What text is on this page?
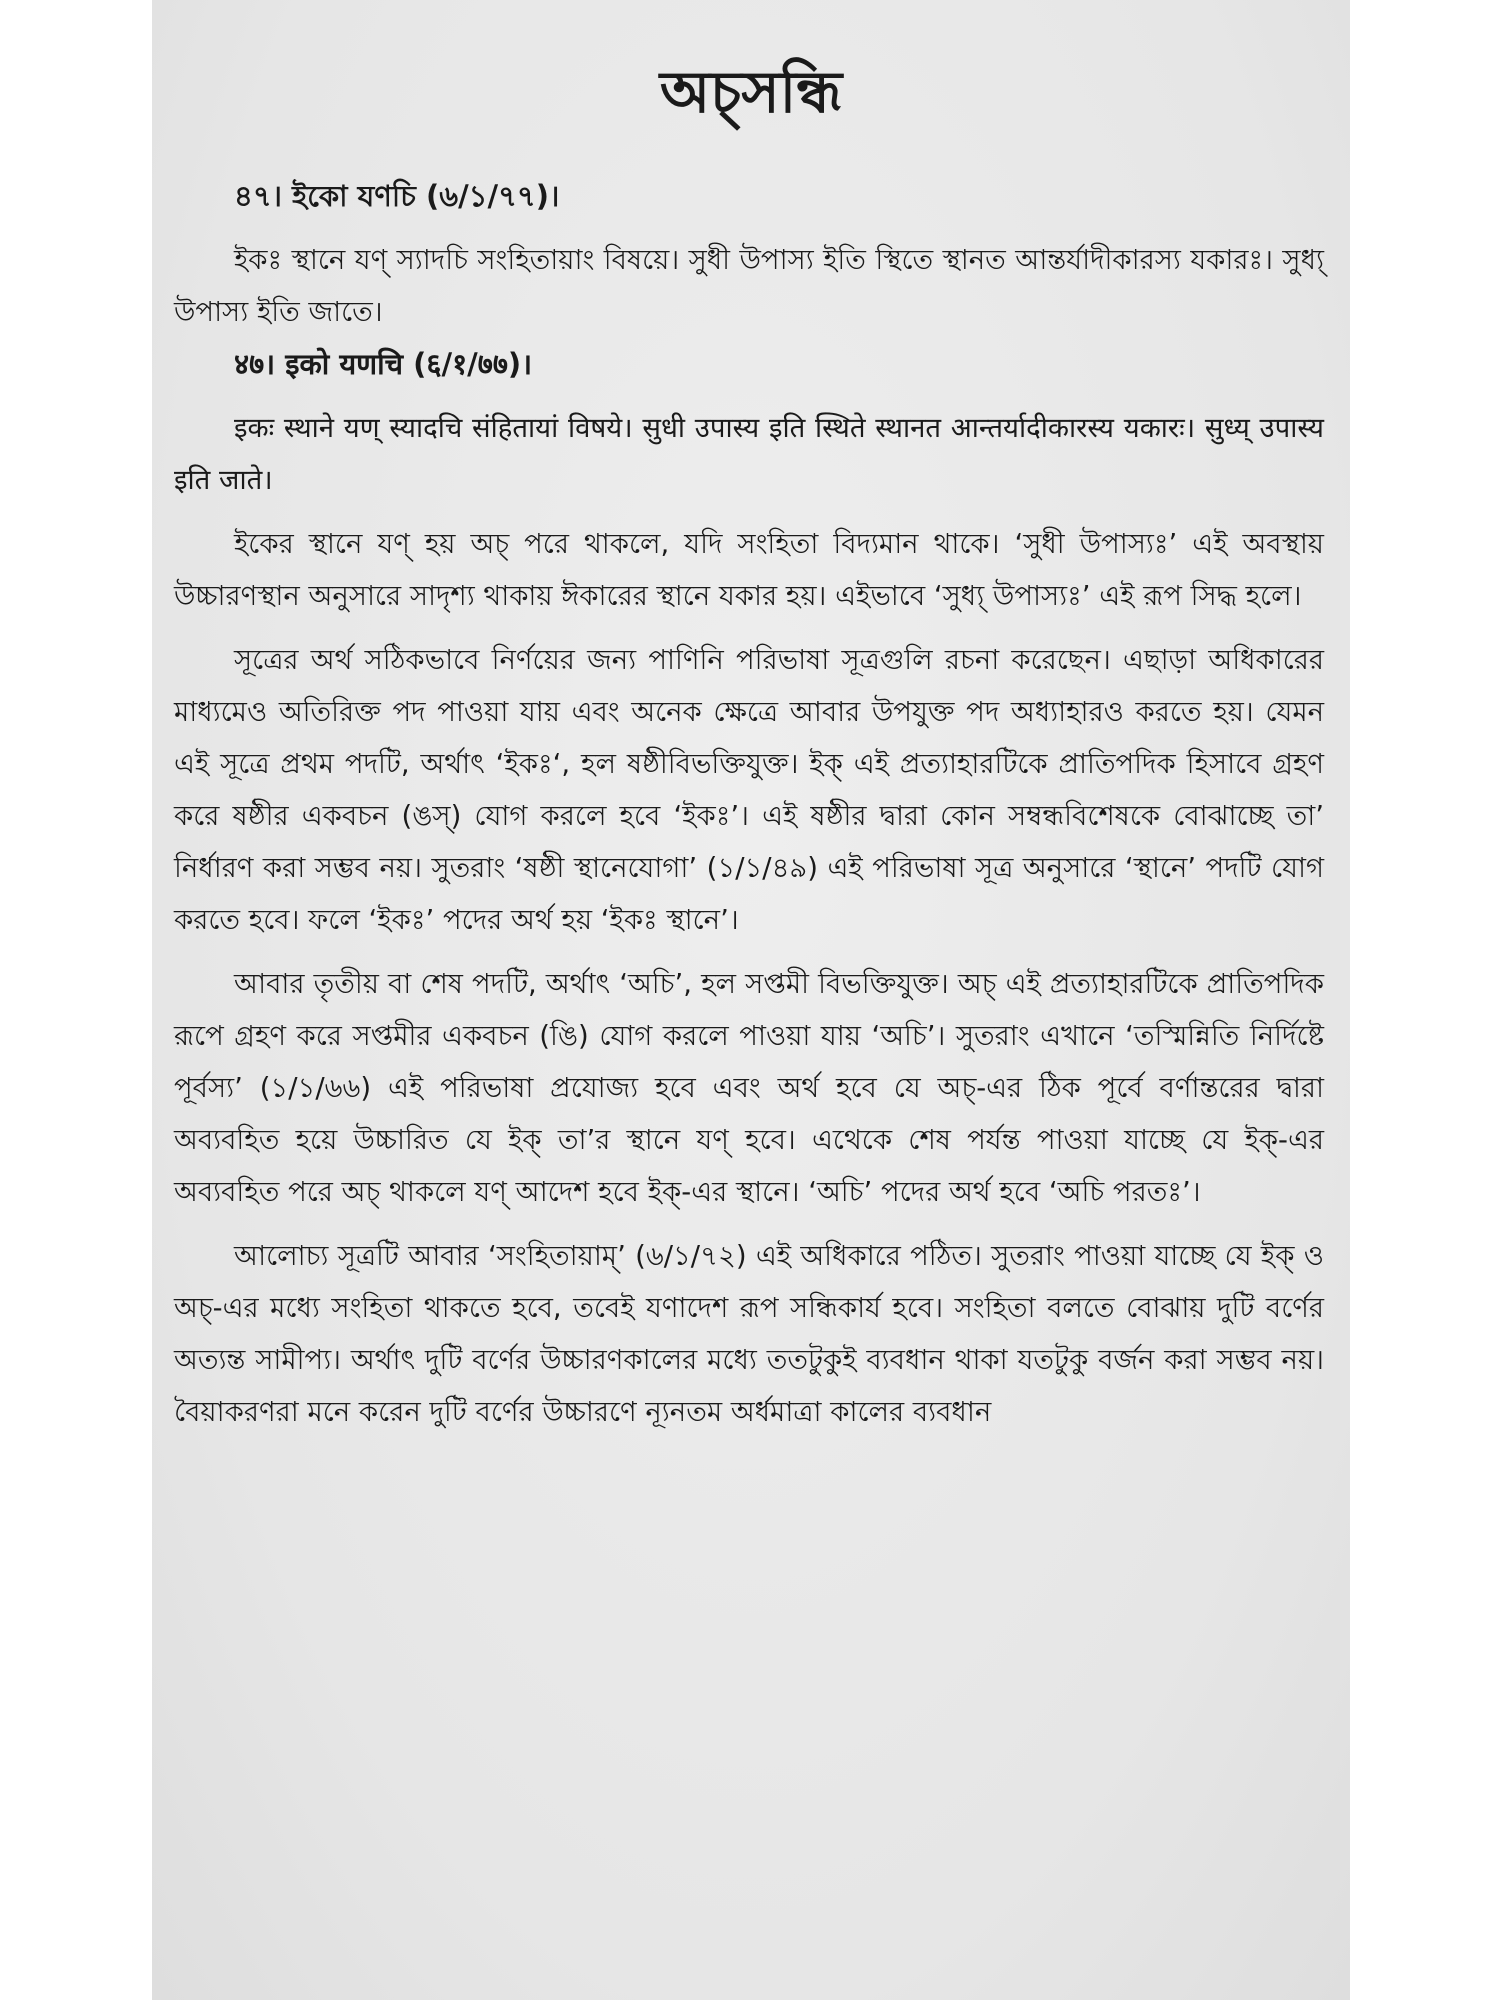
অচ্‌সন্ধি

৪৭। ইকো যণচি (৬/১/৭৭)।

ইকঃ স্থানে যণ্ স্যাদচি সংহিতায়াং বিষয়ে। সুধী উপাস্য ইতি স্থিতে স্থানত আন্তর্যাদীকারস্য যকারঃ। সুধ্য্ উপাস্য ইতি জাতে।

४७। इको यणचि (६/१/७७)।

इकः स्थाने यण् स्यादचि संहितायां विषये। सुधी उपास्य इति स्थिते स्थानत आन्तर्यादीकारस्य यकारः। सुध्य् उपास्य इति जाते।

ইকের স্থানে যণ্ হয় অচ্ পরে থাকলে, যদি সংহিতা বিদ্যমান থাকে। ‘সুধী উপাস্যঃ’ এই অবস্থায় উচ্চারণস্থান অনুসারে সাদৃশ্য থাকায় ঈকারের স্থানে যকার হয়। এইভাবে ‘সুধ্য্ উপাস্যঃ’ এই রূপ সিদ্ধ হলে।

সূত্রের অর্থ সঠিকভাবে নির্ণয়ের জন্য পাণিনি পরিভাষা সূত্রগুলি রচনা করেছেন। এছাড়া অধিকারের মাধ্যমেও অতিরিক্ত পদ পাওয়া যায় এবং অনেক ক্ষেত্রে আবার উপযুক্ত পদ অধ্যাহারও করতে হয়। যেমন এই সূত্রে প্রথম পদটি, অর্থাৎ ‘ইকঃ‘, হল ষষ্ঠীবিভক্তিযুক্ত। ইক্ এই প্রত্যাহারটিকে প্রাতিপদিক হিসাবে গ্রহণ করে ষষ্ঠীর একবচন (ঙস্) যোগ করলে হবে ‘ইকঃ’। এই ষষ্ঠীর দ্বারা কোন সম্বন্ধবিশেষকে বোঝাচ্ছে তা’ নির্ধারণ করা সম্ভব নয়। সুতরাং ‘ষষ্ঠী স্থানেযোগা’ (১/১/৪৯) এই পরিভাষা সূত্র অনুসারে ‘স্থানে’ পদটি যোগ করতে হবে। ফলে ‘ইকঃ’ পদের অর্থ হয় ‘ইকঃ স্থানে’।

আবার তৃতীয় বা শেষ পদটি, অর্থাৎ ‘অচি’, হল সপ্তমী বিভক্তিযুক্ত। অচ্ এই প্রত্যাহারটিকে প্রাতিপদিক রূপে গ্রহণ করে সপ্তমীর একবচন (ঙি) যোগ করলে পাওয়া যায় ‘অচি’। সুতরাং এখানে ‘তস্মিন্নিতি নির্দিষ্টে পূর্বস্য’ (১/১/৬৬) এই পরিভাষা প্রযোজ্য হবে এবং অর্থ হবে যে অচ্-এর ঠিক পূর্বে বর্ণান্তরের দ্বারা অব্যবহিত হয়ে উচ্চারিত যে ইক্ তা’র স্থানে যণ্ হবে। এথেকে শেষ পর্যন্ত পাওয়া যাচ্ছে যে ইক্-এর অব্যবহিত পরে অচ্ থাকলে যণ্ আদেশ হবে ইক্-এর স্থানে। ‘অচি’ পদের অর্থ হবে ‘অচি পরতঃ’।

আলোচ্য সূত্রটি আবার ‘সংহিতায়াম্’ (৬/১/৭২) এই অধিকারে পঠিত। সুতরাং পাওয়া যাচ্ছে যে ইক্ ও অচ্-এর মধ্যে সংহিতা থাকতে হবে, তবেই যণাদেশ রূপ সন্ধিকার্য হবে। সংহিতা বলতে বোঝায় দুটি বর্ণের অত্যন্ত সামীপ্য। অর্থাৎ দুটি বর্ণের উচ্চারণকালের মধ্যে ততটুকুই ব্যবধান থাকা যতটুকু বর্জন করা সম্ভব নয়। বৈয়াকরণরা মনে করেন দুটি বর্ণের উচ্চারণে ন্যূনতম অর্ধমাত্রা কালের ব্যবধান
